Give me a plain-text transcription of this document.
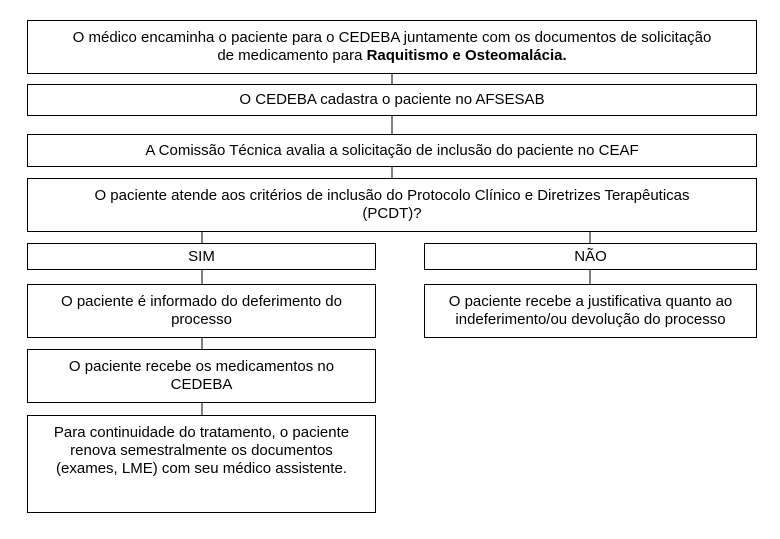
O médico encaminha o paciente para o CEDEBA juntamente com os documentos de solicitação de medicamento para Raquitismo e Osteomalácia.
O CEDEBA cadastra o paciente no AFSESAB
A Comissão Técnica avalia a solicitação de inclusão do paciente no CEAF
O paciente atende aos critérios de inclusão do Protocolo Clínico e Diretrizes Terapêuticas (PCDT)?
SIM	NÃO
O paciente é informado do deferimento do processo
O paciente recebe a justificativa quanto ao indeferimento/ou devolução do processo
O paciente recebe os medicamentos no CEDEBA
Para continuidade do tratamento, o paciente renova semestralmente os documentos (exames, LME) com seu médico assistente.
